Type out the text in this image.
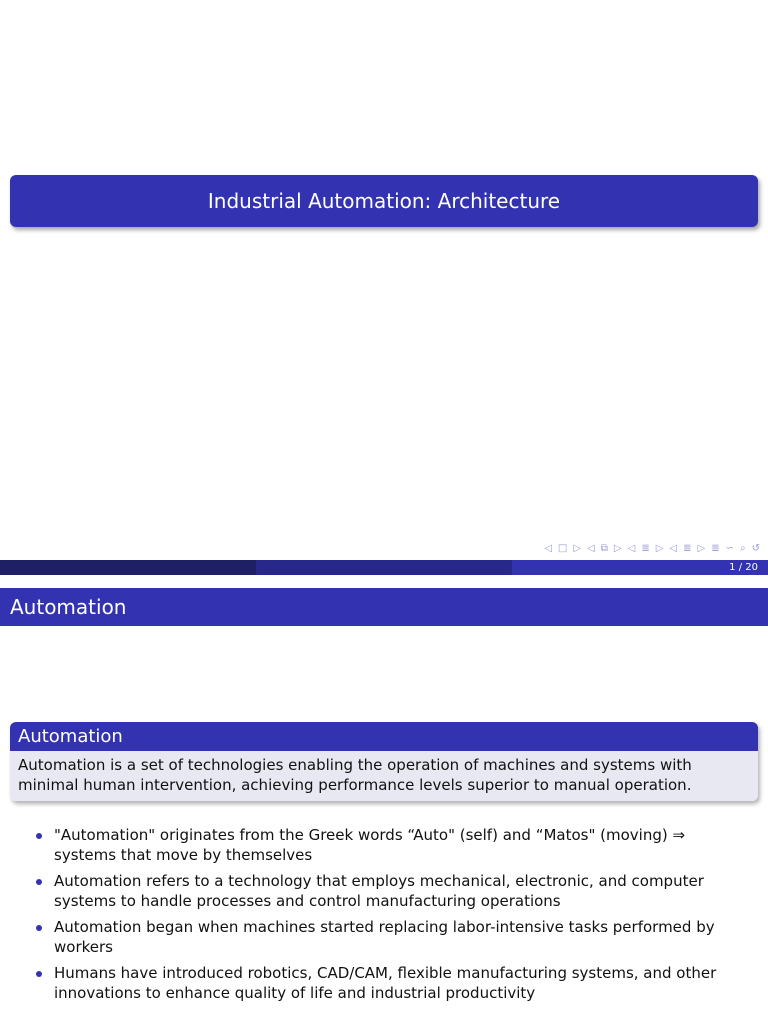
Industrial Automation: Architecture
◁ □ ▷ ◁ ⧉ ▷ ◁ ≣ ▷ ◁ ≣ ▷ ≣ ∽ ⌕ ↺
1 / 20
Automation
Automation
Automation is a set of technologies enabling the operation of machines and systems with minimal human intervention, achieving performance levels superior to manual operation.
"Automation" originates from the Greek words “Auto" (self) and “Matos" (moving) ⇒ systems that move by themselves
Automation refers to a technology that employs mechanical, electronic, and computer systems to handle processes and control manufacturing operations
Automation began when machines started replacing labor-intensive tasks performed by workers
Humans have introduced robotics, CAD/CAM, flexible manufacturing systems, and other innovations to enhance quality of life and industrial productivity
